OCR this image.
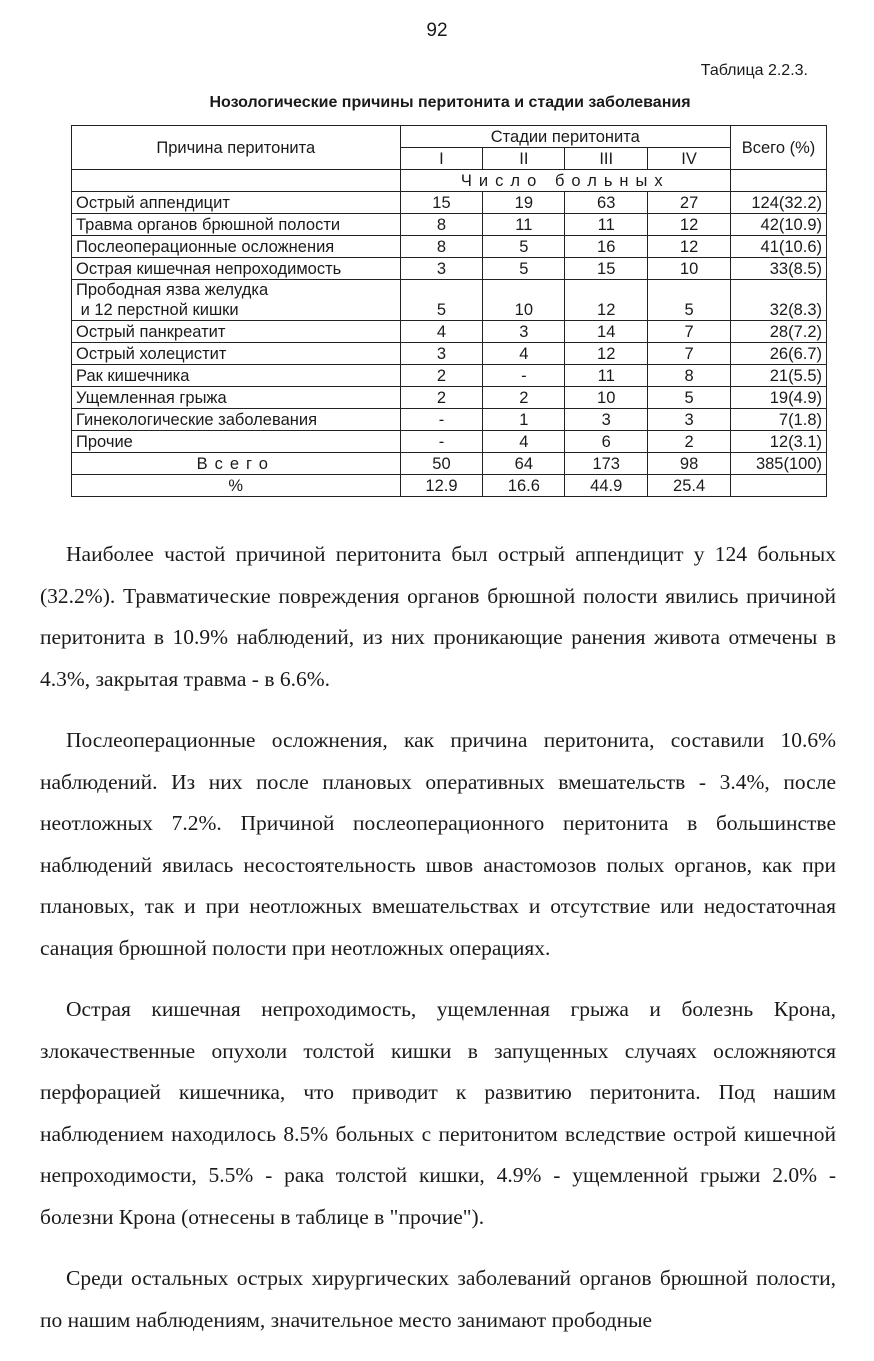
92
Таблица 2.2.3.
Нозологические причины перитонита и стадии заболевания
Причина перитонита	Стадии перитонита				Всего (%)
	I	II	III	IV	
	Число больных				
Острый аппендицит	15	19	63	27	124(32.2)
Травма органов брюшной полости	8	11	11	12	42(10.9)
Послеоперационные осложнения	8	5	16	12	41(10.6)
Острая кишечная непроходимость	3	5	15	10	33(8.5)

Прободная язва желудка
и 12 перстной кишки	5	10	12	5	32(8.3)
Острый панкреатит	4	3	14	7	28(7.2)
Острый холецистит	3	4	12	7	26(6.7)
Рак кишечника	2	-	11	8	21(5.5)
Ущемленная грыжа	2	2	10	5	19(4.9)
Гинекологические заболевания	-	1	3	3	7(1.8)
Прочие	-	4	6	2	12(3.1)
Всего	50	64	173	98	385(100)
%	12.9	16.6	44.9	25.4	

Наиболее частой причиной перитонита был острый аппендицит у 124 больных (32.2%). Травматические повреждения органов брюшной полости явились причиной перитонита в 10.9% наблюдений, из них проникающие ранения живота отмечены в 4.3%, закрытая травма - в 6.6%.

Послеоперационные осложнения, как причина перитонита, составили 10.6% наблюдений. Из них после плановых оперативных вмешательств - 3.4%, после неотложных 7.2%. Причиной послеоперационного перитонита в большинстве наблюдений явилась несостоятельность швов анастомозов полых органов, как при плановых, так и при неотложных вмешательствах и отсутствие или недостаточная санация брюшной полости при неотложных операциях.

Острая кишечная непроходимость, ущемленная грыжа и болезнь Крона, злокачественные опухоли толстой кишки в запущенных случаях осложняются перфорацией кишечника, что приводит к развитию перитонита. Под нашим наблюдением находилось 8.5% больных с перитонитом вследствие острой кишечной непроходимости, 5.5% - рака толстой кишки, 4.9% - ущемленной грыжи 2.0% - болезни Крона (отнесены в таблице в "прочие").

Среди остальных острых хирургических заболеваний органов брюшной полости, по нашим наблюдениям, значительное место занимают прободные
